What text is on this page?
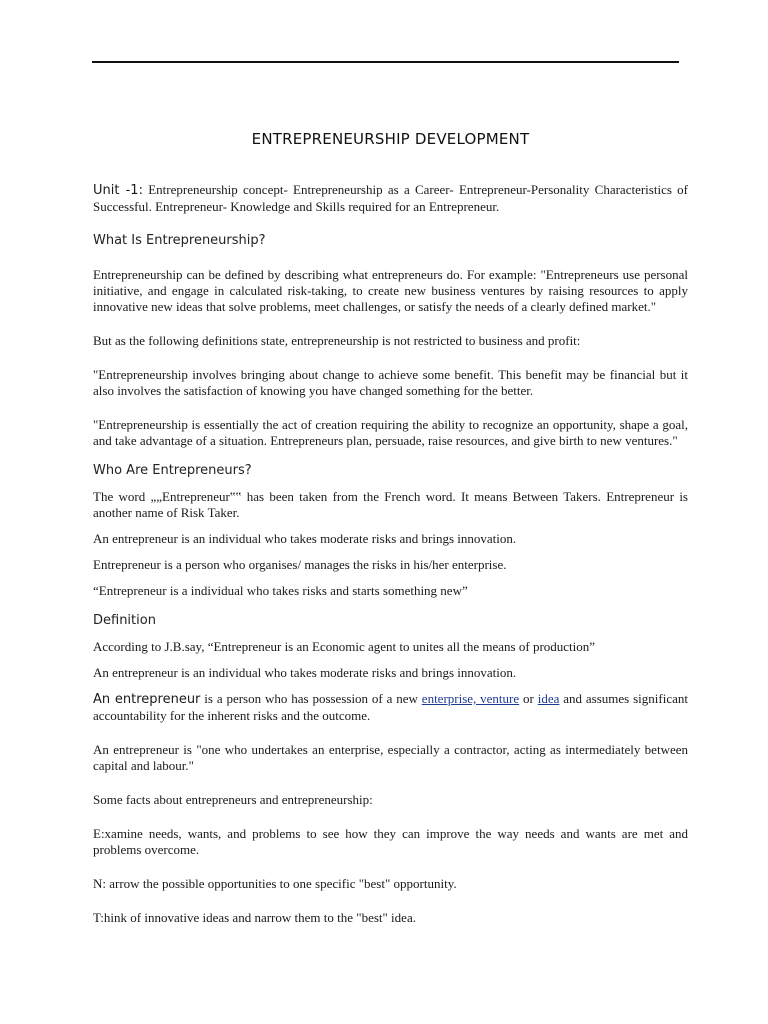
ENTREPRENEURSHIP DEVELOPMENT

Unit -1: Entrepreneurship concept- Entrepreneurship as a Career- Entrepreneur-Personality Characteristics of Successful. Entrepreneur- Knowledge and Skills required for an Entrepreneur.

What Is Entrepreneurship?

Entrepreneurship can be defined by describing what entrepreneurs do. For example: "Entrepreneurs use personal initiative, and engage in calculated risk-taking, to create new business ventures by raising resources to apply innovative new ideas that solve problems, meet challenges, or satisfy the needs of a clearly defined market."

But as the following definitions state, entrepreneurship is not restricted to business and profit:

"Entrepreneurship involves bringing about change to achieve some benefit. This benefit may be financial but it also involves the satisfaction of knowing you have changed something for the better.

"Entrepreneurship is essentially the act of creation requiring the ability to recognize an opportunity, shape a goal, and take advantage of a situation. Entrepreneurs plan, persuade, raise resources, and give birth to new ventures."

Who Are Entrepreneurs?

The word „„Entrepreneur‟‟ has been taken from the French word. It means Between Takers. Entrepreneur is another name of Risk Taker.

An entrepreneur is an individual who takes moderate risks and brings innovation.

Entrepreneur is a person who organises/ manages the risks in his/her enterprise.

“Entrepreneur is a individual who takes risks and starts something new”

Definition

According to J.B.say, “Entrepreneur is an Economic agent to unites all the means of production”

An entrepreneur is an individual who takes moderate risks and brings innovation.

An entrepreneur is a person who has possession of a new enterprise, venture or idea and assumes significant accountability for the inherent risks and the outcome.

An entrepreneur is "one who undertakes an enterprise, especially a contractor, acting as intermediately between capital and labour."

Some facts about entrepreneurs and entrepreneurship:

E:xamine needs, wants, and problems to see how they can improve the way needs and wants are met and problems overcome.

N: arrow the possible opportunities to one specific "best" opportunity.

T:hink of innovative ideas and narrow them to the "best" idea.
